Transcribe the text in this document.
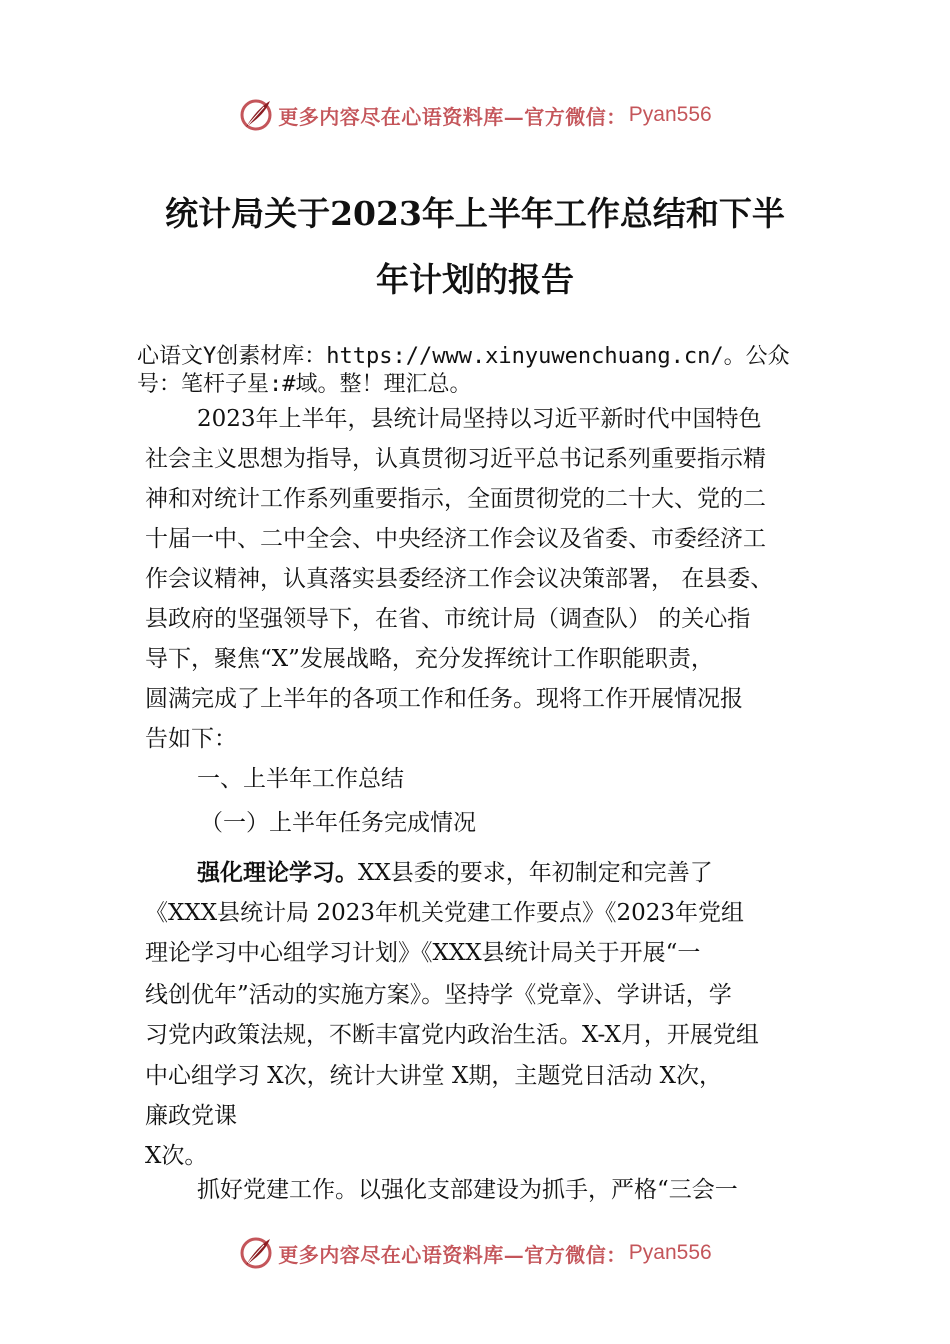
更多内容尽在心语资料库—官方微信： Pyan556
统计局关于2023年上半年工作总结和下半
年计划的报告
心语文Y创素材库：https://www.xinyuwenchuang.cn/。公众
号：笔杆子星:#域。整！理汇总。
2023年上半年，县统计局坚持以习近平新时代中国特色
社会主义思想为指导，认真贯彻习近平总书记系列重要指示精
神和对统计工作系列重要指示，全面贯彻党的二十大、党的二
十届一中、二中全会、中央经济工作会议及省委、市委经济工
作会议精神，认真落实县委经济工作会议决策部署， 在县委、
县政府的坚强领导下，在省、市统计局（调查队） 的关心指
导下，聚焦“X”发展战略，充分发挥统计工作职能职责，
圆满完成了上半年的各项工作和任务。现将工作开展情况报
告如下：
一、上半年工作总结
（一）上半年任务完成情况
强化理论学习。XX县委的要求，年初制定和完善了
《XXX县统计局 2023年机关党建工作要点》《2023年党组
理论学习中心组学习计划》《XXX县统计局关于开展“一
线创优年”活动的实施方案》。坚持学《党章》、学讲话，学
习党内政策法规，不断丰富党内政治生活。X-X月，开展党组
中心组学习 X次，统计大讲堂 X期，主题党日活动 X次，
廉政党课
X次。
抓好党建工作。以强化支部建设为抓手，严格“三会一
更多内容尽在心语资料库—官方微信： Pyan556
